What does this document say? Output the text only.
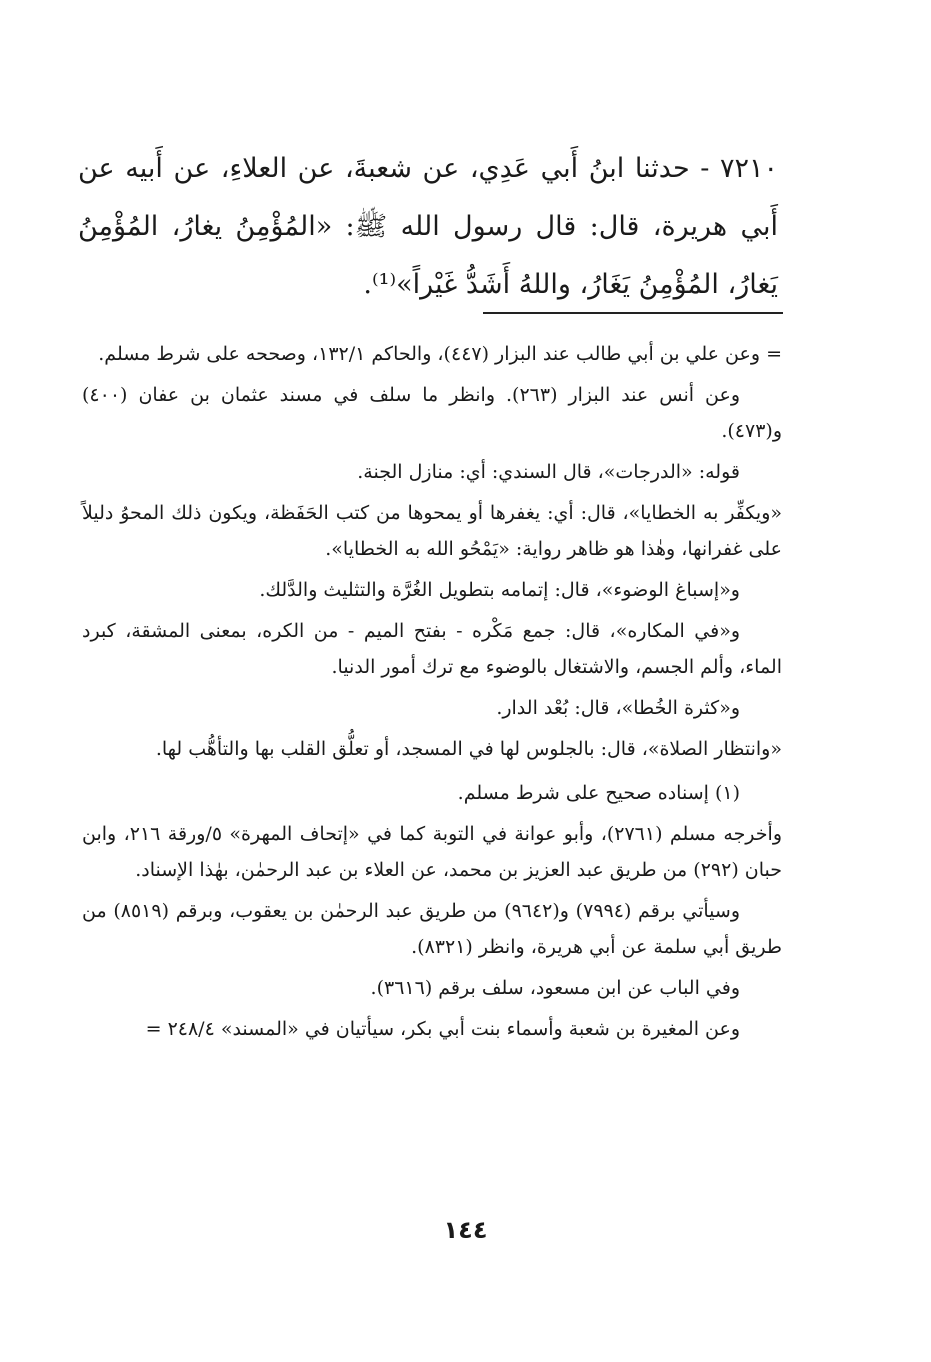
٧٢١٠ - حدثنا ابنُ أَبي عَدِي، عن شعبةَ، عن العلاءِ، عن أَبيه عن أَبي هريرة، قال: قال رسول الله ﷺ: «المُؤْمِنُ يغارُ، المُؤْمِنُ يَغارُ، المُؤْمِنُ يَغَارُ، واللهُ أَشَدُّ غَيْراً»⁽¹⁾.

= وعن علي بن أبي طالب عند البزار (٤٤٧)، والحاكم ١٣٢/١، وصححه على شرط مسلم.

وعن أنس عند البزار (٢٦٣). وانظر ما سلف في مسند عثمان بن عفان (٤٠٠) و(٤٧٣).

قوله: «الدرجات»، قال السندي: أي: منازل الجنة.

«ويكفِّر به الخطايا»، قال: أي: يغفرها أو يمحوها من كتب الحَفَظة، ويكون ذلك المحوُ دليلاً على غفرانها، وهٰذا هو ظاهر رواية: «يَمْحُو الله به الخطايا».

و«إسباغ الوضوء»، قال: إتمامه بتطويل الغُرَّة والتثليث والدَّلك.

و«في المكاره»، قال: جمع مَكْره - بفتح الميم - من الكره، بمعنى المشقة، كبرد الماء، وألم الجسم، والاشتغال بالوضوء مع ترك أمور الدنيا.

و«كثرة الخُطا»، قال: بُعْد الدار.

«وانتظار الصلاة»، قال: بالجلوس لها في المسجد، أو تعلُّق القلب بها والتأهُّب لها.

(١) إسناده صحيح على شرط مسلم.

وأخرجه مسلم (٢٧٦١)، وأبو عوانة في التوبة كما في «إتحاف المهرة» ٥/ورقة ٢١٦، وابن حبان (٢٩٢) من طريق عبد العزيز بن محمد، عن العلاء بن عبد الرحمٰن، بهٰذا الإسناد.

وسيأتي برقم (٧٩٩٤) و(٩٦٤٢) من طريق عبد الرحمٰن بن يعقوب، وبرقم (٨٥١٩) من طريق أبي سلمة عن أبي هريرة، وانظر (٨٣٢١).

وفي الباب عن ابن مسعود، سلف برقم (٣٦١٦).

وعن المغيرة بن شعبة وأسماء بنت أبي بكر، سيأتيان في «المسند» ٢٤٨/٤ =

١٤٤
